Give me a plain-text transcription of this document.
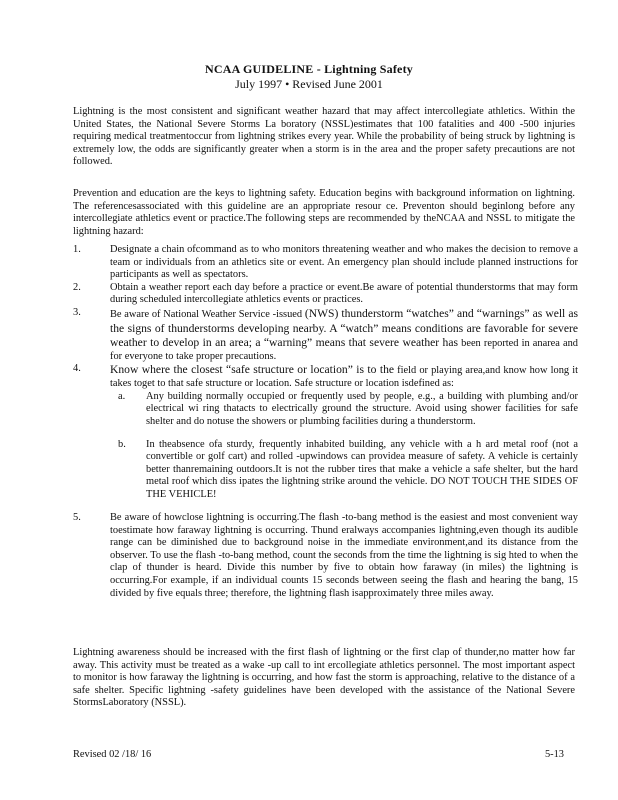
NCAA GUIDELINE - Lightning Safety
July 1997 • Revised June 2001

Lightning is the most consistent and significant weather hazard that may affect intercollegiate athletics. Within the United States, the National Severe Storms La boratory (NSSL)estimates that 100 fatalities and 400 -500 injuries requiring medical treatmentoccur from lightning strikes every year. While the probability of being struck by lightning is extremely low, the odds are significantly greater when a storm is in the area and the proper safety precautions are not followed.

Prevention and education are the keys to lightning safety. Education begins with background information on lightning. The referencesassociated with this guideline are an appropriate resour ce. Preventon should beginlong before any intercollegiate athletics event or practice.The following steps are recommended by theNCAA and NSSL to mitigate the lightning hazard:

1.	Designate a chain ofcommand as to who monitors threatening weather and who makes the decision to remove a team or individuals from an athletics site or event. An emergency plan should include planned instructions for participants as well as spectators.

2.	Obtain a weather report each day before a practice or event.Be aware of potential thunderstorms that may form during scheduled intercollegiate athletics events or practices.

3.	Be aware of National Weather Service -issued (NWS) thunderstorm “watches” and “warnings” as well as the signs of thunderstorms developing nearby. A “watch” means conditions are favorable for severe weather to develop in an area; a “warning” means that severe weather has been reported in anarea and for everyone to take proper precautions.

4.	Know where the closest “safe structure or location” is to the field or playing area,and know how long it takes toget to that safe structure or location. Safe structure or location isdefined as:

a. Any building normally occupied or frequently used by people, e.g., a building with plumbing and/or electrical wi ring thatacts to electrically ground the structure. Avoid using shower facilities for safe shelter and do notuse the showers or plumbing facilities during a thunderstorm.

b. In theabsence ofa sturdy, frequently inhabited building, any vehicle with a h ard metal roof (not a convertible or golf cart) and rolled -upwindows can providea measure of safety. A vehicle is certainly better thanremaining outdoors.It is not the rubber tires that make a vehicle a safe shelter, but the hard metal roof which diss ipates the lightning strike around the vehicle. DO NOT TOUCH THE SIDES OF THE VEHICLE!

5.	Be aware of howclose lightning is occurring.The flash -to-bang method is the easiest and most convenient way toestimate how faraway lightning is occurring. Thund eralways accompanies lightning,even though its audible range can be diminished due to background noise in the immediate environment,and its distance from the observer. To use the flash -to-bang method, count the seconds from the time the lightning is sig hted to when the clap of thunder is heard. Divide this number by five to obtain how faraway (in miles) the lightning is occurring.For example, if an individual counts 15 seconds between seeing the flash and hearing the bang, 15 divided by five equals three; therefore, the lightning flash isapproximately three miles away.

Lightning awareness should be increased with the first flash of lightning or the first clap of thunder,no matter how far away. This activity must be treated as a wake -up call to int ercollegiate athletics personnel. The most important aspect to monitor is how faraway the lightning is occurring, and how fast the storm is approaching, relative to the distance of a safe shelter. Specific lightning -safety guidelines have been developed with the assistance of the National Severe StormsLaboratory (NSSL).

Revised 02 /18/ 16	5-13
